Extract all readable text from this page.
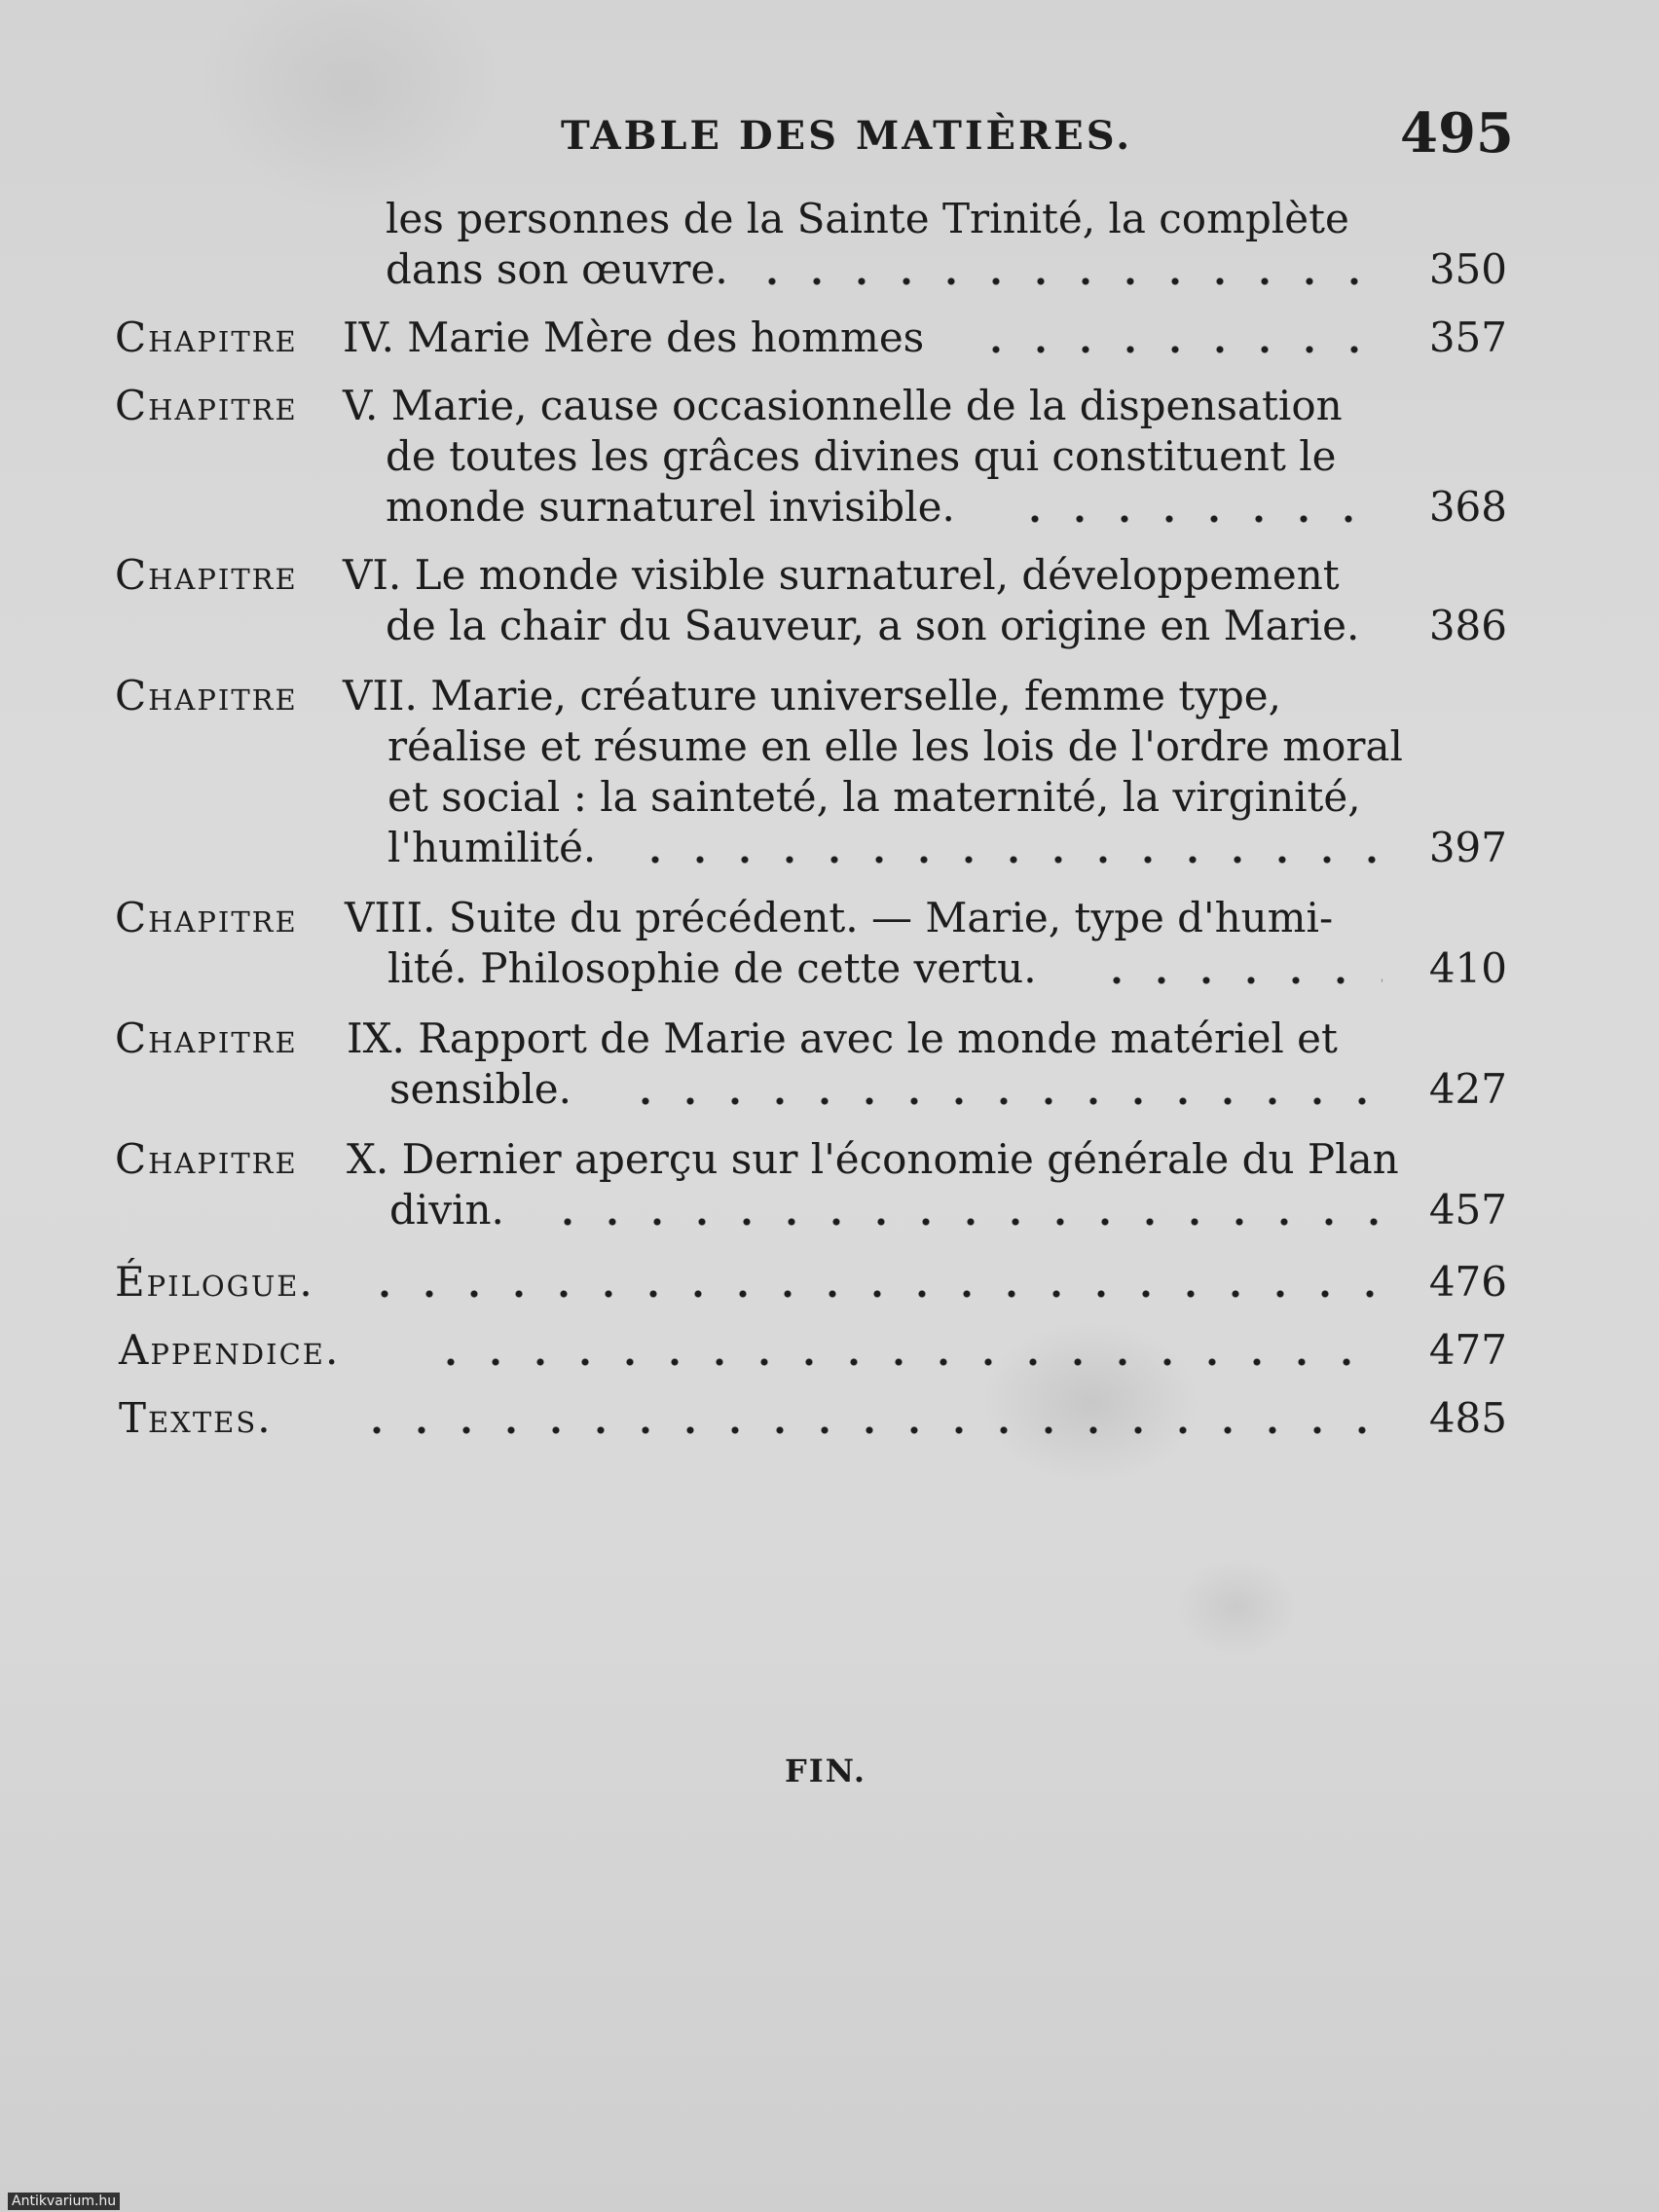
TABLE DES MATIÈRES.	495
les personnes de la Sainte Trinité, la complète
dans son œuvre.	350
Chapitre IV. Marie Mère des hommes	357
Chapitre V. Marie, cause occasionnelle de la dispensation
de toutes les grâces divines qui constituent le
monde surnaturel invisible.	368
Chapitre VI. Le monde visible surnaturel, développement
de la chair du Sauveur, a son origine en Marie. 386
Chapitre VII. Marie, créature universelle, femme type,
réalise et résume en elle les lois de l'ordre moral
et social : la sainteté, la maternité, la virginité,
l'humilité.	397
Chapitre VIII. Suite du précédent. — Marie, type d'humi-
lité. Philosophie de cette vertu.	410
Chapitre IX. Rapport de Marie avec le monde matériel et
sensible.	427
Chapitre X. Dernier aperçu sur l'économie générale du Plan
divin.	457
Épilogue.	476
Appendice.	477
Textes.	485
FIN.
Antikvarium.hu
